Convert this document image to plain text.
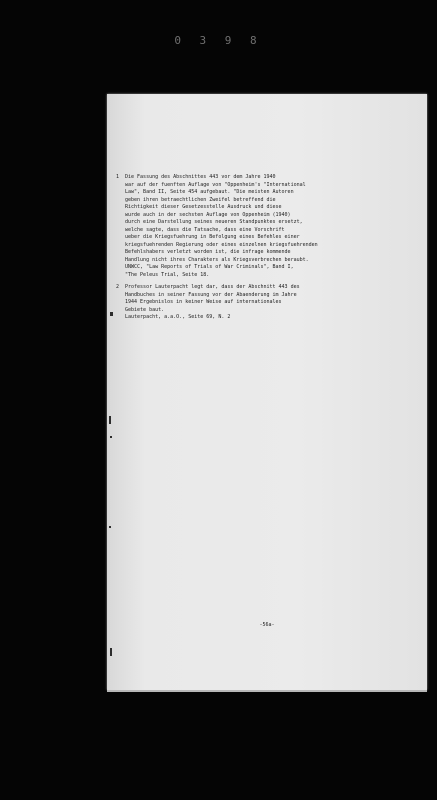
0 3 9 8
1 Die Fassung des Abschnittes 443 vor dem Jahre 1940
war auf der fuenften Auflage von "Oppenheim's "International
Law", Band II, Seite 454 aufgebaut. "Die meisten Autoren
geben ihren betraechtlichen Zweifel betreffend die
Richtigkeit dieser Gesetzesstelle Ausdruck und diese
wurde auch in der sechsten Auflage von Oppenheim (1940)
durch eine Darstellung seines neueren Standpunktes ersetzt,
welche sagte, dass die Tatsache, dass eine Vorschrift
ueber die Kriegsfuehrung in Befolgung eines Befehles einer
kriegsfuehrenden Regierung oder eines einzelnen kriegsfuehrenden
Befehlshabers verletzt worden ist, die infrage kommende
Handlung nicht ihres Charakters als Kriegsverbrechen beraubt.
UNWCC, "Law Reports of Trials of War Criminals", Band I,
"The Peleus Trial, Seite 18.
2 Professor Lauterpacht legt dar, dass der Abschnitt 443 des
Handbuches in seiner Fassung vor der Abaenderung im Jahre
1944 Ergebnislos in keiner Weise auf internationales
Gebiete baut.
Lauterpacht, a.a.O., Seite 69, N. 2
-56a-
